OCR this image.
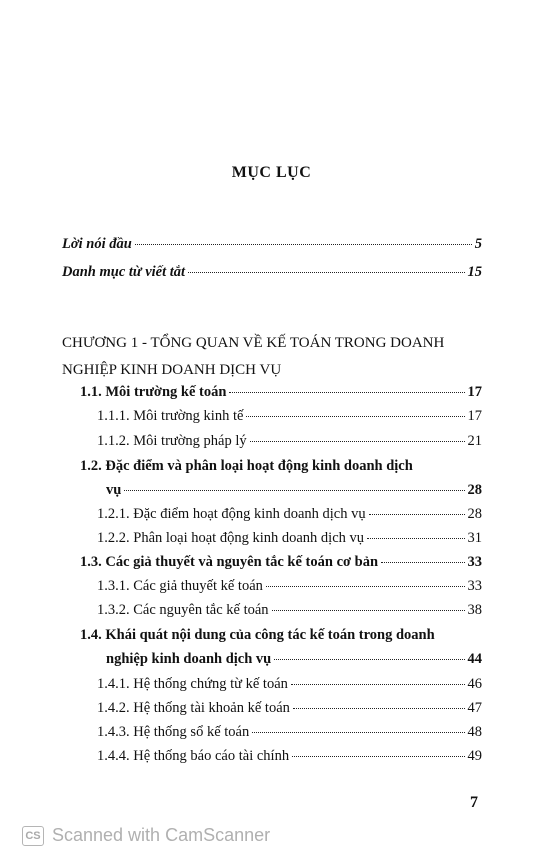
MỤC LỤC
Lời nói đầu	5
Danh mục từ viết tắt	15
CHƯƠNG 1 - TỔNG QUAN VỀ KẾ TOÁN TRONG DOANH
NGHIỆP KINH DOANH DỊCH VỤ
1.1. Môi trường kế toán	17
1.1.1. Môi trường kinh tế	17
1.1.2. Môi trường pháp lý	21
1.2. Đặc điểm và phân loại hoạt động kinh doanh dịch
vụ	28
1.2.1. Đặc điểm hoạt động kinh doanh dịch vụ	28
1.2.2. Phân loại hoạt động kinh doanh dịch vụ	31
1.3. Các giả thuyết và nguyên tắc kế toán cơ bản	33
1.3.1. Các giả thuyết kế toán	33
1.3.2. Các nguyên tắc kế toán	38
1.4. Khái quát nội dung của công tác kế toán trong doanh
nghiệp kinh doanh dịch vụ	44
1.4.1. Hệ thống chứng từ kế toán	46
1.4.2. Hệ thống tài khoản kế toán	47
1.4.3. Hệ thống sổ kế toán	48
1.4.4. Hệ thống báo cáo tài chính	49
7
CS Scanned with CamScanner
